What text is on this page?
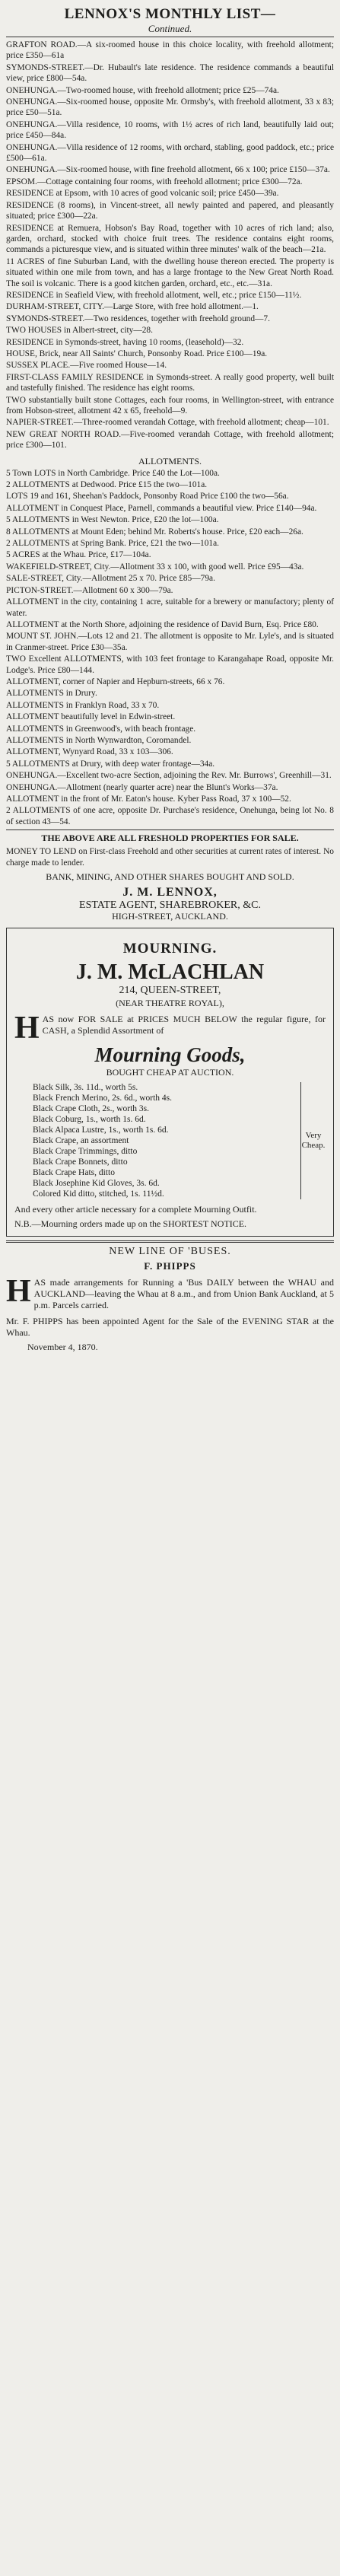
LENNOX'S MONTHLY LIST—
Continued.

GRAFTON ROAD.—A six-roomed house in this choice locality, with freehold allotment; price £350—61a

SYMONDS-STREET.—Dr. Hubault's late residence. The residence commands a beautiful view, price £800—54a.

ONEHUNGA.—Two-roomed house, with freehold allotment; price £25—74a.

ONEHUNGA.—Six-roomed house, opposite Mr. Ormsby's, with freehold allotment, 33 x 83; price £50—51a.

ONEHUNGA.—Villa residence, 10 rooms, with 1½ acres of rich land, beautifully laid out; price £450—84a.

ONEHUNGA.—Villa residence of 12 rooms, with orchard, stabling, good paddock, etc.; price £500—61a.

ONEHUNGA.—Six-roomed house, with fine freehold allotment, 66 x 100; price £150—37a.

EPSOM.—Cottage containing four rooms, with freehold allotment; price £300—72a.

RESIDENCE at Epsom, with 10 acres of good volcanic soil; price £450—39a.

RESIDENCE (8 rooms), in Vincent-street, all newly painted and papered, and pleasantly situated; price £300—22a.

RESIDENCE at Remuera, Hobson's Bay Road, together with 10 acres of rich land; also, garden, orchard, stocked with choice fruit trees. The residence contains eight rooms, commands a picturesque view, and is situated within three minutes' walk of the beach—21a.

11 ACRES of fine Suburban Land, with the dwelling house thereon erected. The property is situated within one mile from town, and has a large frontage to the New Great North Road. The soil is volcanic. There is a good kitchen garden, orchard, etc., etc.—31a.

RESIDENCE in Seafield View, with freehold allotment, well, etc.; price £150—11½.

DURHAM-STREET, CITY.—Large Store, with free hold allotment.—1.

SYMONDS-STREET.—Two residences, together with freehold ground—7.

TWO HOUSES in Albert-street, city—28.

RESIDENCE in Symonds-street, having 10 rooms, (leasehold)—32.

HOUSE, Brick, near All Saints' Church, Ponsonby Road. Price £100—19a.

SUSSEX PLACE.—Five roomed House—14.

FIRST-CLASS FAMILY RESIDENCE in Symonds-street. A really good property, well built and tastefully finished. The residence has eight rooms.

TWO substantially built stone Cottages, each four rooms, in Wellington-street, with entrance from Hobson-street, allotment 42 x 65, freehold—9.

NAPIER-STREET.—Three-roomed verandah Cottage, with freehold allotment; cheap—101.

NEW GREAT NORTH ROAD.—Five-roomed verandah Cottage, with freehold allotment; price £300—101.

ALLOTMENTS.

5 Town LOTS in North Cambridge. Price £40 the Lot—100a.

2 ALLOTMENTS at Dedwood. Price £15 the two—101a.

LOTS 19 and 161, Sheehan's Paddock, Ponsonby Road Price £100 the two—56a.

ALLOTMENT in Conquest Place, Parnell, commands a beautiful view. Price £140—94a.

5 ALLOTMENTS in West Newton. Price, £20 the lot—100a.

8 ALLOTMENTS at Mount Eden; behind Mr. Roberts's house. Price, £20 each—26a.

2 ALLOTMENTS at Spring Bank. Price, £21 the two—101a.

5 ACRES at the Whau. Price, £17—104a.

WAKEFIELD-STREET, City.—Allotment 33 x 100, with good well. Price £95—43a.

SALE-STREET, City.—Allotment 25 x 70. Price £85—79a.

PICTON-STREET.—Allotment 60 x 300—79a.

ALLOTMENT in the city, containing 1 acre, suitable for a brewery or manufactory; plenty of water.

ALLOTMENT at the North Shore, adjoining the residence of David Burn, Esq. Price £80.

MOUNT ST. JOHN.—Lots 12 and 21. The allotment is opposite to Mr. Lyle's, and is situated in Cranmer-street. Price £30—35a.

TWO Excellent ALLOTMENTS, with 103 feet frontage to Karangahape Road, opposite Mr. Lodge's. Price £80—144.

ALLOTMENT, corner of Napier and Hepburn-streets, 66 x 76.

ALLOTMENTS in Drury.

ALLOTMENTS in Franklyn Road, 33 x 70.

ALLOTMENT beautifully level in Edwin-street.

ALLOTMENTS in Greenwood's, with beach frontage.

ALLOTMENTS in North Wynwardton, Coromandel.

ALLOTMENT, Wynyard Road, 33 x 103—306.

5 ALLOTMENTS at Drury, with deep water frontage—34a.

ONEHUNGA.—Excellent two-acre Section, adjoining the Rev. Mr. Burrows', Greenhill—31.

ONEHUNGA.—Allotment (nearly quarter acre) near the Blunt's Works—37a.

ALLOTMENT in the front of Mr. Eaton's house. Kyber Pass Road, 37 x 100—52.

2 ALLOTMENTS of one acre, opposite Dr. Purchase's residence, Onehunga, being lot No. 8 of section 43—54.

THE ABOVE ARE ALL FRESHOLD PROPERTIES FOR SALE.
MONEY TO LEND on First-class Freehold and other securities at current rates of interest. No charge made to lender.
BANK, MINING, AND OTHER SHARES BOUGHT AND SOLD.
J. M. LENNOX,
ESTATE AGENT, SHAREBROKER, &C.
HIGH-STREET, AUCKLAND.
MOURNING.
J. M. McLACHLAN
214, QUEEN-STREET,
(NEAR THEATRE ROYAL),
H AS now FOR SALE at PRICES MUCH BELOW the regular figure, for CASH, a Splendid Assortment of
Mourning Goods,
BOUGHT CHEAP AT AUCTION.
Black Silk, 3s. 11d., worth 5s.
Black French Merino, 2s. 6d., worth 4s.
Black Crape Cloth, 2s., worth 3s.
Black Coburg, 1s., worth 1s. 6d.
Black Alpaca Lustre, 1s., worth 1s. 6d.
Black Crape, an assortment
Black Crape Trimmings, ditto
Black Crape Bonnets, ditto
Black Crape Hats, ditto
Black Josephine Kid Gloves, 3s. 6d.
Colored Kid ditto, stitched, 1s. 11½d.
Very Cheap.
And every other article necessary for a complete Mourning Outfit.
N.B.—Mourning orders made up on the SHORTEST NOTICE.
NEW LINE OF 'BUSES.
F. PHIPPS
H AS made arrangements for Running a 'Bus DAILY between the WHAU and AUCKLAND—leaving the Whau at 8 a.m., and from Union Bank Auckland, at 5 p.m. Parcels carried.
Mr. F. PHIPPS has been appointed Agent for the Sale of the EVENING STAR at the Whau.
November 4, 1870.
